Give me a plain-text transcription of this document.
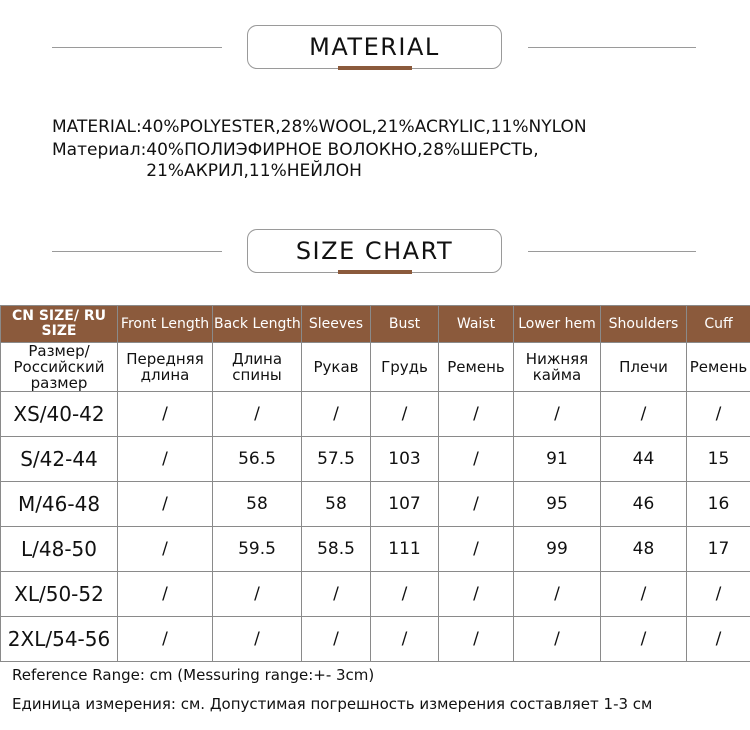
MATERIAL
MATERIAL: 40%POLYESTER,28%WOOL,21%ACRYLIC,11%NYLON
Материал: 40%ПОЛИЭФИРНОЕ ВОЛОКНО,28%ШЕРСТЬ, 21%АКРИЛ,11%НЕЙЛОН
SIZE CHART
CN SIZE/ RU SIZE	Front Length	Back Length	Sleeves	Bust	Waist	Lower hem	Shoulders	Cuff
Размер/ Российский размер	Передняя длина	Длина спины	Рукав	Грудь	Ремень	Нижняя кайма	Плечи	Ремень
XS/40-42	/	/	/	/	/	/	/	/
S/42-44	/	56.5	57.5	103	/	91	44	15
M/46-48	/	58	58	107	/	95	46	16
L/48-50	/	59.5	58.5	111	/	99	48	17
XL/50-52	/	/	/	/	/	/	/	/
2XL/54-56	/	/	/	/	/	/	/	/
Reference Range: cm (Messuring range:+- 3cm)
Единица измерения: см. Допустимая погрешность измерения составляет 1-3 см
